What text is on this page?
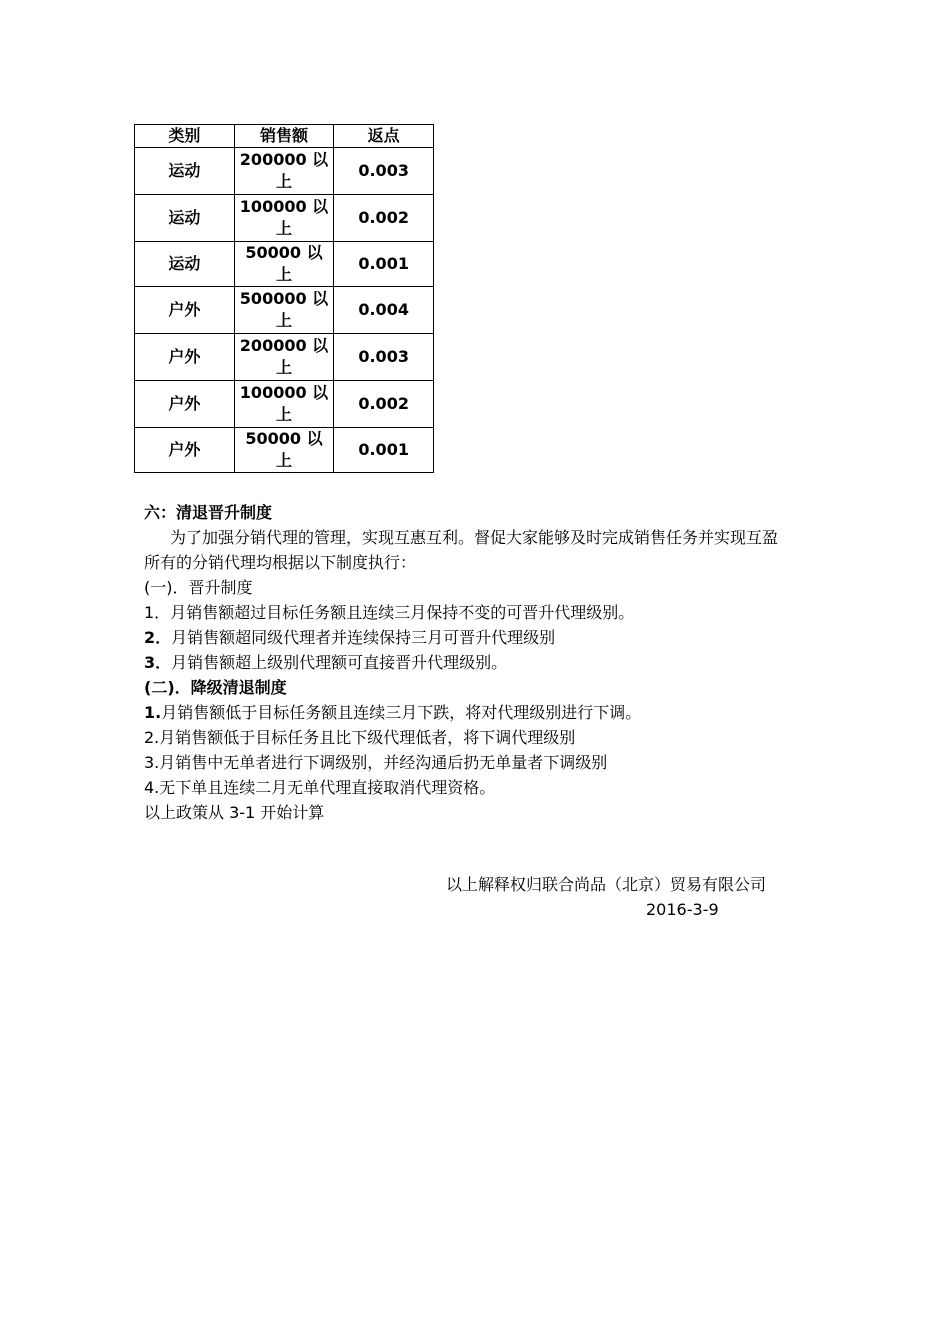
类别	销售额	返点
运动	200000 以上	0.003
运动	100000 以上	0.002
运动	50000 以上	0.001
户外	500000 以上	0.004
户外	200000 以上	0.003
户外	100000 以上	0.002
户外	50000 以上	0.001
六：清退晋升制度
为了加强分销代理的管理，实现互惠互利。督促大家能够及时完成销售任务并实现互盈
所有的分销代理均根据以下制度执行：
(一)．晋升制度
1．月销售额超过目标任务额且连续三月保持不变的可晋升代理级别。
2．月销售额超同级代理者并连续保持三月可晋升代理级别
3．月销售额超上级别代理额可直接晋升代理级别。
(二)．降级清退制度
1.月销售额低于目标任务额且连续三月下跌，将对代理级别进行下调。
2.月销售额低于目标任务且比下级代理低者，将下调代理级别
3.月销售中无单者进行下调级别，并经沟通后扔无单量者下调级别
4.无下单且连续二月无单代理直接取消代理资格。
以上政策从 3-1 开始计算
以上解释权归联合尚品（北京）贸易有限公司
2016-3-9
